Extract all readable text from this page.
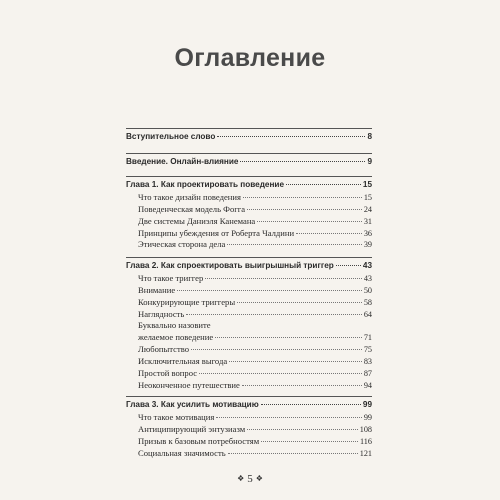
Оглавление
Вступительное слово	8
Введение. Онлайн-влияние	9
Глава 1. Как проектировать поведение	15
Что такое дизайн поведения	15
Поведенческая модель Фогга	24
Две системы Даниэля Канемана	31
Принципы убеждения от Роберта Чалдини	36
Этическая сторона дела	39
Глава 2. Как спроектировать выигрышный триггер	43
Что такое триггер	43
Внимание	50
Конкурирующие триггеры	58
Наглядность	64
Буквально назовите
желаемое поведение	71
Любопытство	75
Исключительная выгода	83
Простой вопрос	87
Неоконченное путешествие	94
Глава 3. Как усилить мотивацию	99
Что такое мотивация	99
Антиципирующий энтузиазм	108
Призыв к базовым потребностям	116
Социальная значимость	121
❖ 5 ❖
